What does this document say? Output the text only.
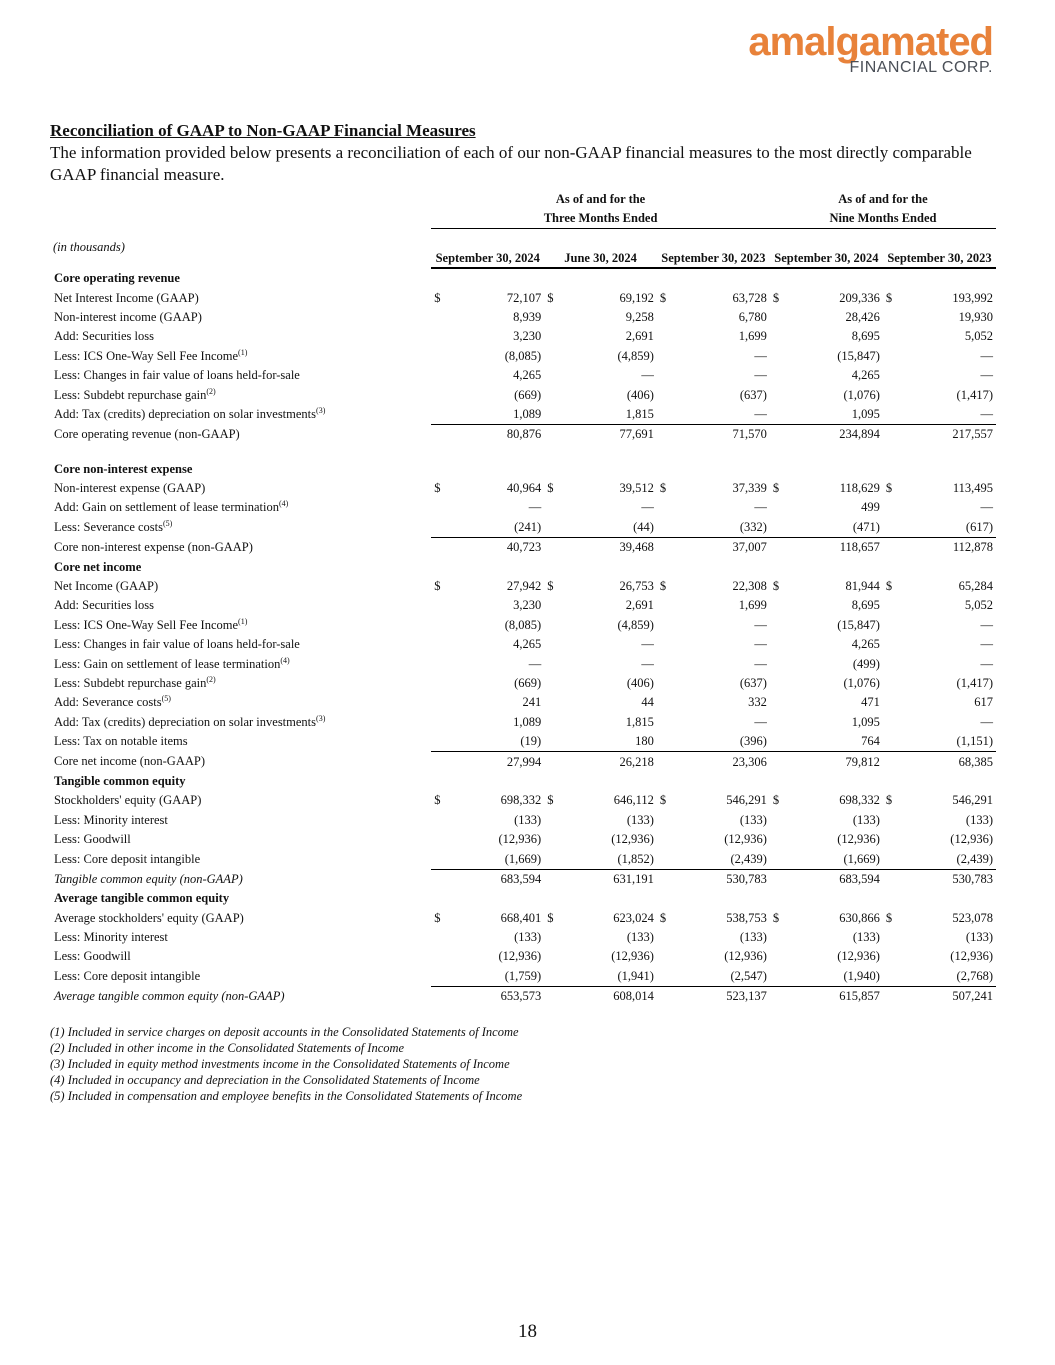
amalgamated
FINANCIAL CORP.
Reconciliation of GAAP to Non-GAAP Financial Measures
The information provided below presents a reconciliation of each of our non-GAAP financial measures to the most directly comparable GAAP financial measure.
	As of and for the						As of and for the			
	Three Months Ended						Nine Months Ended			
(in thousands)	September 30, 2024		June 30, 2024		September 30, 2023		September 30, 2024		September 30, 2023	
Core operating revenue										
Net Interest Income (GAAP)	$	72,107	$	69,192	$	63,728	$	209,336	$	193,992
Non-interest income (GAAP)		8,939		9,258		6,780		28,426		19,930
Add: Securities loss		3,230		2,691		1,699		8,695		5,052
Less: ICS One-Way Sell Fee Income$^{(1)}$		(8,085)		(4,859)		—		(15,847)		—
Less: Changes in fair value of loans held-for-sale		4,265		—		—		4,265		—
Less: Subdebt repurchase gain$^{(2)}$		(669)		(406)		(637)		(1,076)		(1,417)
Add: Tax (credits) depreciation on solar investments$^{(3)}$		1,089		1,815		—		1,095		—
Core operating revenue (non-GAAP)		80,876		77,691		71,570		234,894		217,557

Core non-interest expense										
Non-interest expense (GAAP)	$	40,964	$	39,512	$	37,339	$	118,629	$	113,495
Add: Gain on settlement of lease termination$^{(4)}$		—		—		—		499		—
Less: Severance costs$^{(5)}$		(241)		(44)		(332)		(471)		(617)
Core non-interest expense (non-GAAP)		40,723		39,468		37,007		118,657		112,878
Core net income										
Net Income (GAAP)	$	27,942	$	26,753	$	22,308	$	81,944	$	65,284
Add: Securities loss		3,230		2,691		1,699		8,695		5,052
Less: ICS One-Way Sell Fee Income$^{(1)}$		(8,085)		(4,859)		—		(15,847)		—
Less: Changes in fair value of loans held-for-sale		4,265		—		—		4,265		—
Less: Gain on settlement of lease termination$^{(4)}$		—		—		—		(499)		—
Less: Subdebt repurchase gain$^{(2)}$		(669)		(406)		(637)		(1,076)		(1,417)
Add: Severance costs$^{(5)}$		241		44		332		471		617
Add: Tax (credits) depreciation on solar investments$^{(3)}$		1,089		1,815		—		1,095		—
Less: Tax on notable items		(19)		180		(396)		764		(1,151)
Core net income (non-GAAP)		27,994		26,218		23,306		79,812		68,385
Tangible common equity										
Stockholders' equity (GAAP)	$	698,332	$	646,112	$	546,291	$	698,332	$	546,291
Less: Minority interest		(133)		(133)		(133)		(133)		(133)
Less: Goodwill		(12,936)		(12,936)		(12,936)		(12,936)		(12,936)
Less: Core deposit intangible		(1,669)		(1,852)		(2,439)		(1,669)		(2,439)
Tangible common equity (non-GAAP)		683,594		631,191		530,783		683,594		530,783
Average tangible common equity										
Average stockholders' equity (GAAP)	$	668,401	$	623,024	$	538,753	$	630,866	$	523,078
Less: Minority interest		(133)		(133)		(133)		(133)		(133)
Less: Goodwill		(12,936)		(12,936)		(12,936)		(12,936)		(12,936)
Less: Core deposit intangible		(1,759)		(1,941)		(2,547)		(1,940)		(2,768)
Average tangible common equity (non-GAAP)		653,573		608,014		523,137		615,857		507,241
(1) Included in service charges on deposit accounts in the Consolidated Statements of Income
(2) Included in other income in the Consolidated Statements of Income
(3) Included in equity method investments income in the Consolidated Statements of Income
(4) Included in occupancy and depreciation in the Consolidated Statements of Income
(5) Included in compensation and employee benefits in the Consolidated Statements of Income
18
